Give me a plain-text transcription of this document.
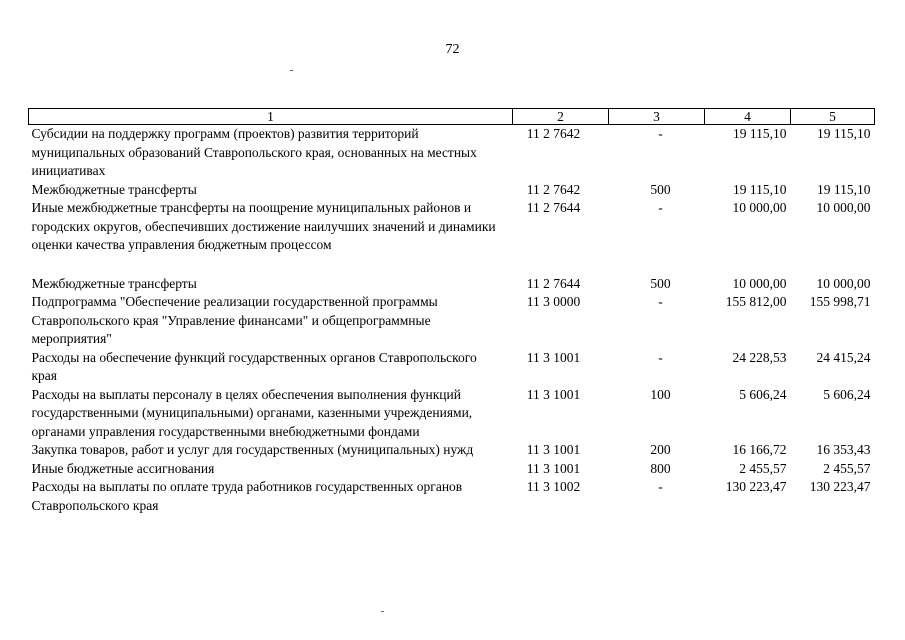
72
1	2	3	4	5
Субсидии на поддержку программ (проектов) развития территорий муниципальных образований Ставропольского края, основанных на местных инициативах	11 2 7642	-	19 115,10	19 115,10
Межбюджетные трансферты	11 2 7642	500	19 115,10	19 115,10
Иные межбюджетные трансферты на поощрение муниципальных районов и городских округов, обеспечивших достижение наилучших значений и динамики оценки качества управления бюджетным процессом	11 2 7644	-	10 000,00	10 000,00
Межбюджетные трансферты	11 2 7644	500	10 000,00	10 000,00
Подпрограмма "Обеспечение реализации государственной программы Ставропольского края "Управление финансами" и общепрограммные мероприятия"	11 3 0000	-	155 812,00	155 998,71
Расходы на обеспечение функций государственных органов Ставропольского края	11 3 1001	-	24 228,53	24 415,24
Расходы на выплаты персоналу в целях обеспечения выполнения функций государственными (муниципальными) органами, казенными учреждениями, органами управления государственными внебюджетными фондами	11 3 1001	100	5 606,24	5 606,24
Закупка товаров, работ и услуг для государственных (муниципальных) нужд	11 3 1001	200	16 166,72	16 353,43
Иные бюджетные ассигнования	11 3 1001	800	2 455,57	2 455,57
Расходы на выплаты по оплате труда работников государственных органов Ставропольского края	11 3 1002	-	130 223,47	130 223,47
